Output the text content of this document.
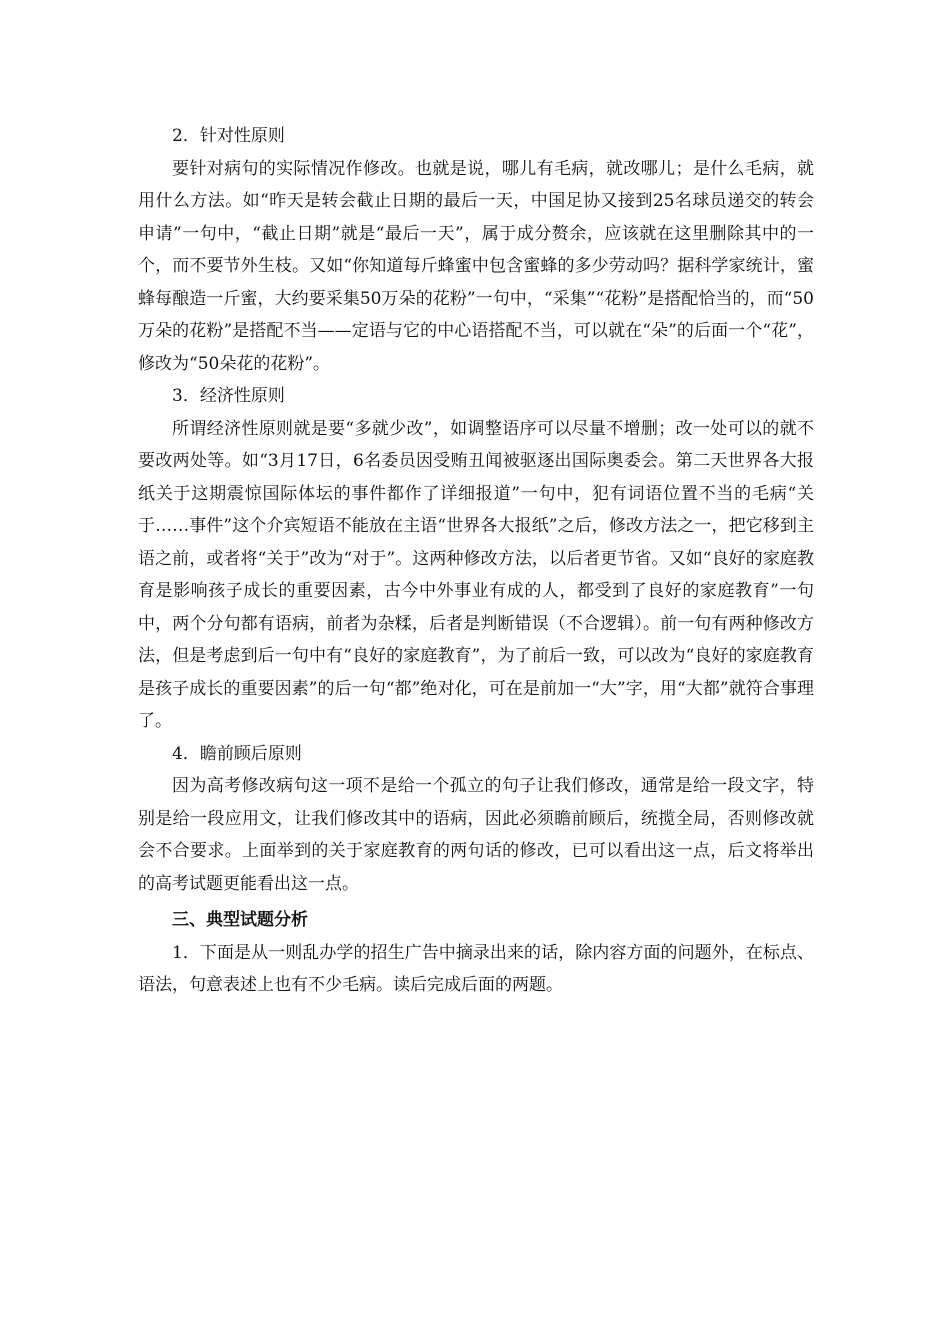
2．针对性原则

要针对病句的实际情况作修改。也就是说，哪儿有毛病，就改哪儿；是什么毛病，就用什么方法。如“昨天是转会截止日期的最后一天，中国足协又接到25名球员递交的转会申请”一句中，“截止日期”就是“最后一天”，属于成分赘余，应该就在这里删除其中的一个，而不要节外生枝。又如“你知道每斤蜂蜜中包含蜜蜂的多少劳动吗？据科学家统计，蜜蜂每酿造一斤蜜，大约要采集50万朵的花粉”一句中，“采集”“花粉”是搭配恰当的，而“50万朵的花粉”是搭配不当——定语与它的中心语搭配不当，可以就在“朵”的后面一个“花”，修改为“50朵花的花粉”。

3．经济性原则

所谓经济性原则就是要“多就少改”，如调整语序可以尽量不增删；改一处可以的就不要改两处等。如“3月17日，6名委员因受贿丑闻被驱逐出国际奥委会。第二天世界各大报纸关于这期震惊国际体坛的事件都作了详细报道”一句中，犯有词语位置不当的毛病“关于……事件”这个介宾短语不能放在主语“世界各大报纸”之后，修改方法之一，把它移到主语之前，或者将“关于”改为“对于”。这两种修改方法，以后者更节省。又如“良好的家庭教育是影响孩子成长的重要因素，古今中外事业有成的人，都受到了良好的家庭教育”一句中，两个分句都有语病，前者为杂糅，后者是判断错误（不合逻辑）。前一句有两种修改方法，但是考虑到后一句中有“良好的家庭教育”，为了前后一致，可以改为“良好的家庭教育是孩子成长的重要因素”的后一句“都”绝对化，可在是前加一“大”字，用“大都”就符合事理了。

4．瞻前顾后原则

因为高考修改病句这一项不是给一个孤立的句子让我们修改，通常是给一段文字，特别是给一段应用文，让我们修改其中的语病，因此必须瞻前顾后，统揽全局，否则修改就会不合要求。上面举到的关于家庭教育的两句话的修改，已可以看出这一点，后文将举出的高考试题更能看出这一点。

三、典型试题分析

1．下面是从一则乱办学的招生广告中摘录出来的话，除内容方面的问题外，在标点、语法，句意表述上也有不少毛病。读后完成后面的两题。
